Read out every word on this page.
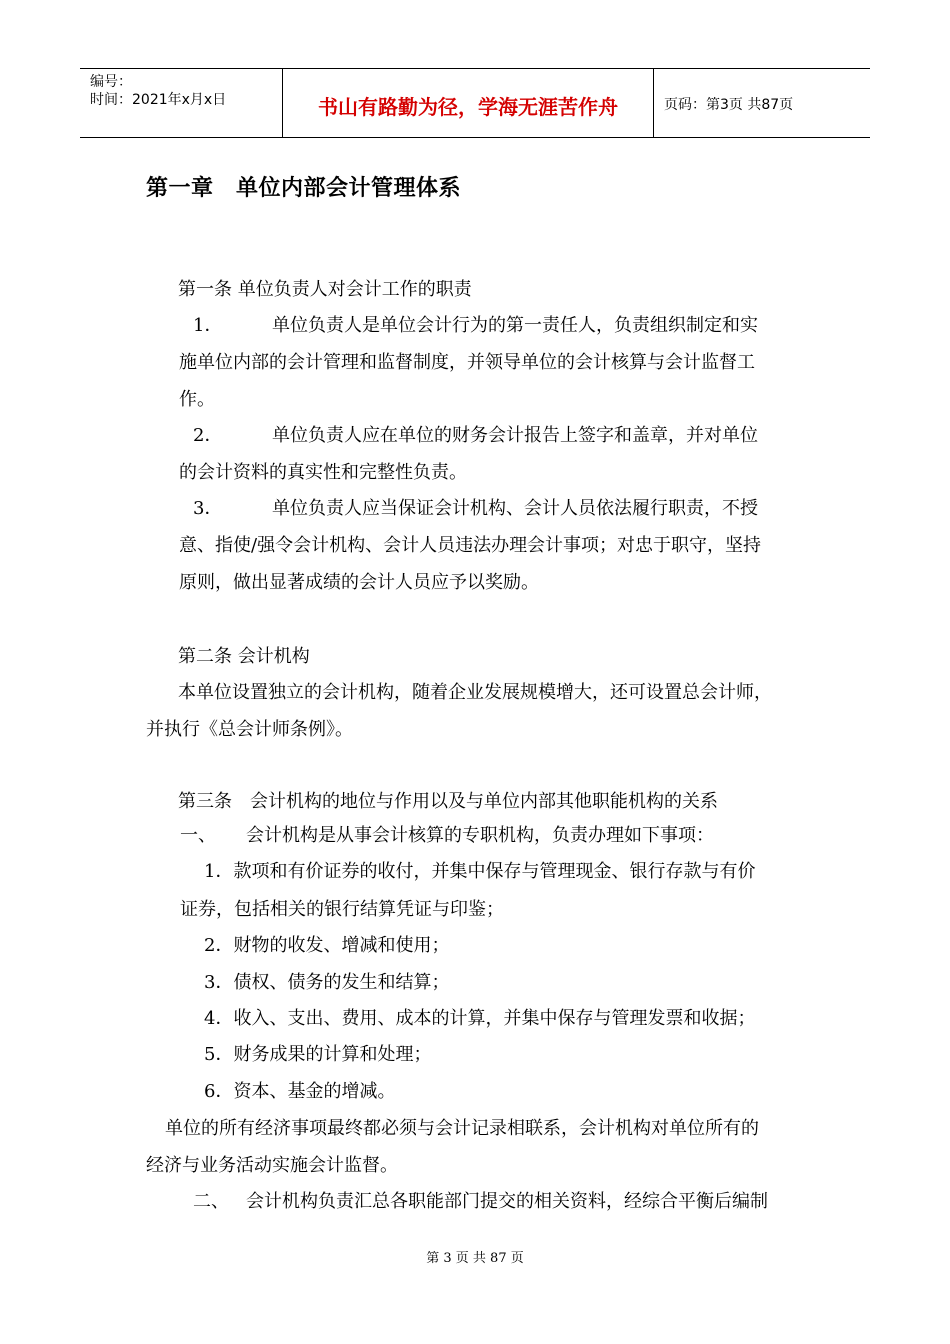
编号：
时间：2021年x月x日	书山有路勤为径，学海无涯苦作舟	页码：第3页 共87页
第一章　单位内部会计管理体系
第一条 单位负责人对会计工作的职责
1．	单位负责人是单位会计行为的第一责任人，负责组织制定和实
施单位内部的会计管理和监督制度，并领导单位的会计核算与会计监督工
作。
2．	单位负责人应在单位的财务会计报告上签字和盖章，并对单位
的会计资料的真实性和完整性负责。
3．	单位负责人应当保证会计机构、会计人员依法履行职责，不授
意、指使/强令会计机构、会计人员违法办理会计事项；对忠于职守，坚持
原则，做出显著成绩的会计人员应予以奖励。
第二条 会计机构
本单位设置独立的会计机构，随着企业发展规模增大，还可设置总会计师，
并执行《总会计师条例》。
第三条　会计机构的地位与作用以及与单位内部其他职能机构的关系
一、 会计机构是从事会计核算的专职机构，负责办理如下事项：
1．款项和有价证券的收付，并集中保存与管理现金、银行存款与有价
证券，包括相关的银行结算凭证与印鉴；
2．财物的收发、增减和使用；
3．债权、债务的发生和结算；
4．收入、支出、费用、成本的计算，并集中保存与管理发票和收据；
5．财务成果的计算和处理；
6．资本、基金的增减。
单位的所有经济事项最终都必须与会计记录相联系，会计机构对单位所有的
经济与业务活动实施会计监督。
二、 会计机构负责汇总各职能部门提交的相关资料，经综合平衡后编制
第 3 页 共 87 页
